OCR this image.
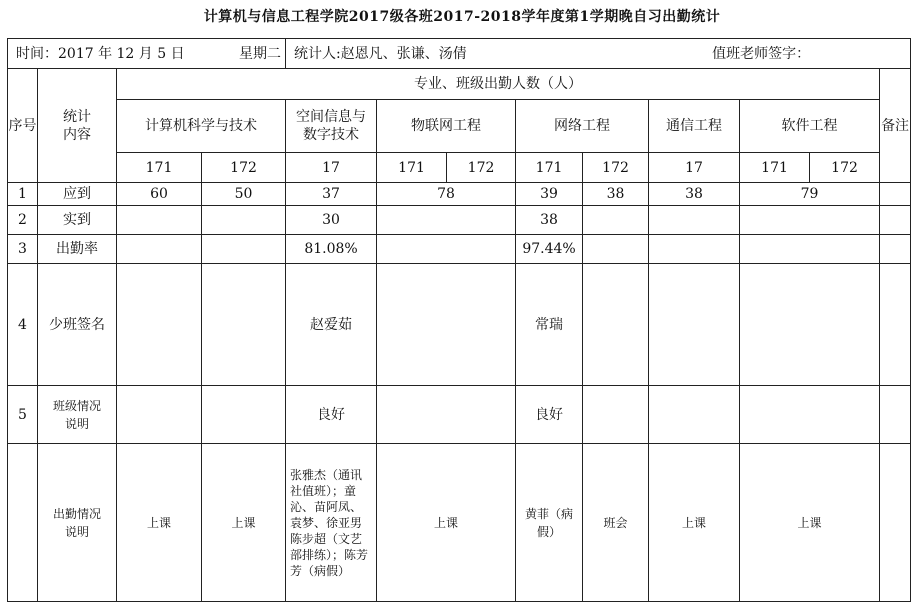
计算机与信息工程学院2017级各班2017-2018学年度第1学期晚自习出勤统计
时间：2017 年 12 月 5 日 星期二				统计人:赵恩凡、张谦、汤倩 值班老师签字：								

序号	统计
内容	专业、班级出勤人数（人）										备注
		计算机科学与技术		空间信息与
数字技术	物联网工程		网络工程		通信工程	软件工程		
		171	172	17	171	172	171	172	17	171	172	
1	应到	60	50	37	78		39	38	38	79		
2	实到			30			38					
3	出勤率			81.08%			97.44%					
4	少班签名			赵爱茹			常瑞					
5	班级情况
说明			良好			良好					
	出勤情况
说明	上课	上课	张雅杰（通讯社值班）；童沁、苗阿凤、袁梦、徐亚男陈步超（文艺部排练）；陈芳芳（病假）	上课		黄菲（病假）	班会	上课	上课		
